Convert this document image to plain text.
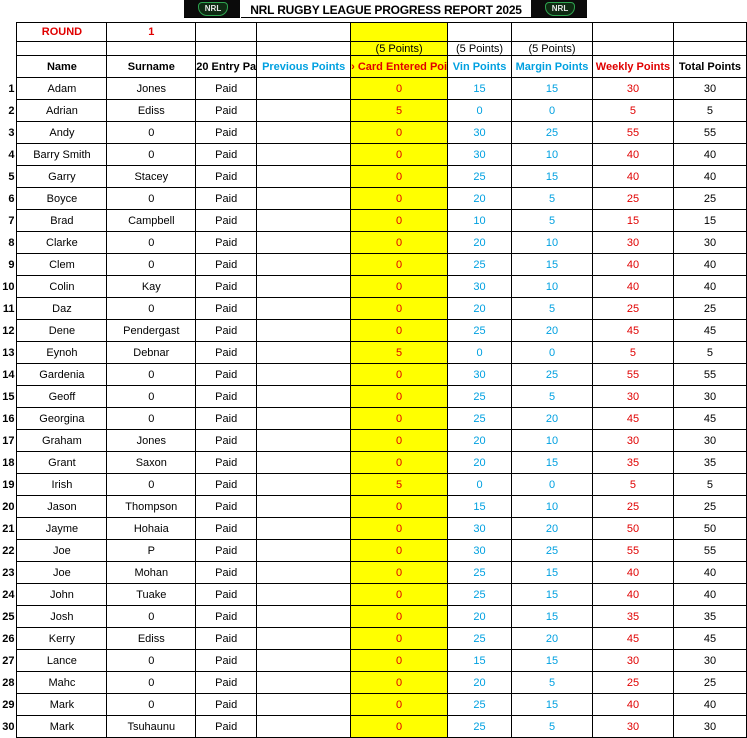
NRL	NRL RUGBY LEAGUE PROGRESS REPORT 2025	NRL
	ROUND	1							
					(5 Points)	(5 Points)	(5 Points)		
	Name	Surname	20 Entry Pa	Previous Points	› Card Entered Poi	Vin Points	Margin Points	Weekly Points	Total Points
1	Adam	Jones	Paid		0	15	15	30	30
2	Adrian	Ediss	Paid		5	0	0	5	5
3	Andy	0	Paid		0	30	25	55	55
4	Barry Smith	0	Paid		0	30	10	40	40
5	Garry	Stacey	Paid		0	25	15	40	40
6	Boyce	0	Paid		0	20	5	25	25
7	Brad	Campbell	Paid		0	10	5	15	15
8	Clarke	0	Paid		0	20	10	30	30
9	Clem	0	Paid		0	25	15	40	40
10	Colin	Kay	Paid		0	30	10	40	40
11	Daz	0	Paid		0	20	5	25	25
12	Dene	Pendergast	Paid		0	25	20	45	45
13	Eynoh	Debnar	Paid		5	0	0	5	5
14	Gardenia	0	Paid		0	30	25	55	55
15	Geoff	0	Paid		0	25	5	30	30
16	Georgina	0	Paid		0	25	20	45	45
17	Graham	Jones	Paid		0	20	10	30	30
18	Grant	Saxon	Paid		0	20	15	35	35
19	Irish	0	Paid		5	0	0	5	5
20	Jason	Thompson	Paid		0	15	10	25	25
21	Jayme	Hohaia	Paid		0	30	20	50	50
22	Joe	P	Paid		0	30	25	55	55
23	Joe	Mohan	Paid		0	25	15	40	40
24	John	Tuake	Paid		0	25	15	40	40
25	Josh	0	Paid		0	20	15	35	35
26	Kerry	Ediss	Paid		0	25	20	45	45
27	Lance	0	Paid		0	15	15	30	30
28	Mahc	0	Paid		0	20	5	25	25
29	Mark	0	Paid		0	25	15	40	40
30	Mark	Tsuhaunu	Paid		0	25	5	30	30
